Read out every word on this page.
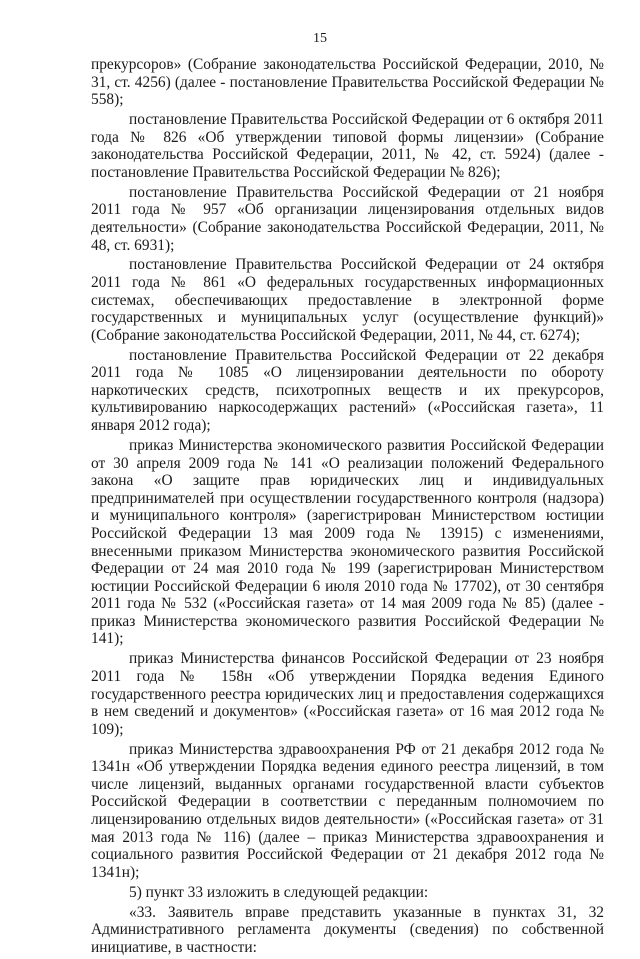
15

прекурсоров» (Собрание законодательства Российской Федерации, 2010, № 31, ст. 4256) (далее - постановление Правительства Российской Федерации № 558);

постановление Правительства Российской Федерации от 6 октября 2011 года № 826 «Об утверждении типовой формы лицензии» (Собрание законодательства Российской Федерации, 2011, № 42, ст. 5924) (далее - постановление Правительства Российской Федерации № 826);

постановление Правительства Российской Федерации от 21 ноября 2011 года № 957 «Об организации лицензирования отдельных видов деятельности» (Собрание законодательства Российской Федерации, 2011, № 48, ст. 6931);

постановление Правительства Российской Федерации от 24 октября 2011 года № 861 «О федеральных государственных информационных системах, обеспечивающих предоставление в электронной форме государственных и муниципальных услуг (осуществление функций)» (Собрание законодательства Российской Федерации, 2011, № 44, ст. 6274);

постановление Правительства Российской Федерации от 22 декабря 2011 года № 1085 «О лицензировании деятельности по обороту наркотических средств, психотропных веществ и их прекурсоров, культивированию наркосодержащих растений» («Российская газета», 11 января 2012 года);

приказ Министерства экономического развития Российской Федерации от 30 апреля 2009 года № 141 «О реализации положений Федерального закона «О защите прав юридических лиц и индивидуальных предпринимателей при осуществлении государственного контроля (надзора) и муниципального контроля» (зарегистрирован Министерством юстиции Российской Федерации 13 мая 2009 года № 13915) с изменениями, внесенными приказом Министерства экономического развития Российской Федерации от 24 мая 2010 года № 199 (зарегистрирован Министерством юстиции Российской Федерации 6 июля 2010 года № 17702), от 30 сентября 2011 года № 532 («Российская газета» от 14 мая 2009 года № 85) (далее - приказ Министерства экономического развития Российской Федерации № 141);

приказ Министерства финансов Российской Федерации от 23 ноября 2011 года № 158н «Об утверждении Порядка ведения Единого государственного реестра юридических лиц и предоставления содержащихся в нем сведений и документов» («Российская газета» от 16 мая 2012 года № 109);

приказ Министерства здравоохранения РФ от 21 декабря 2012 года № 1341н «Об утверждении Порядка ведения единого реестра лицензий, в том числе лицензий, выданных органами государственной власти субъектов Российской Федерации в соответствии с переданным полномочием по лицензированию отдельных видов деятельности» («Российская газета» от 31 мая 2013 года № 116) (далее – приказ Министерства здравоохранения и социального развития Российской Федерации от 21 декабря 2012 года № 1341н);

5) пункт 33 изложить в следующей редакции:

«33. Заявитель вправе представить указанные в пунктах 31, 32 Административного регламента документы (сведения) по собственной инициативе, в частности:
